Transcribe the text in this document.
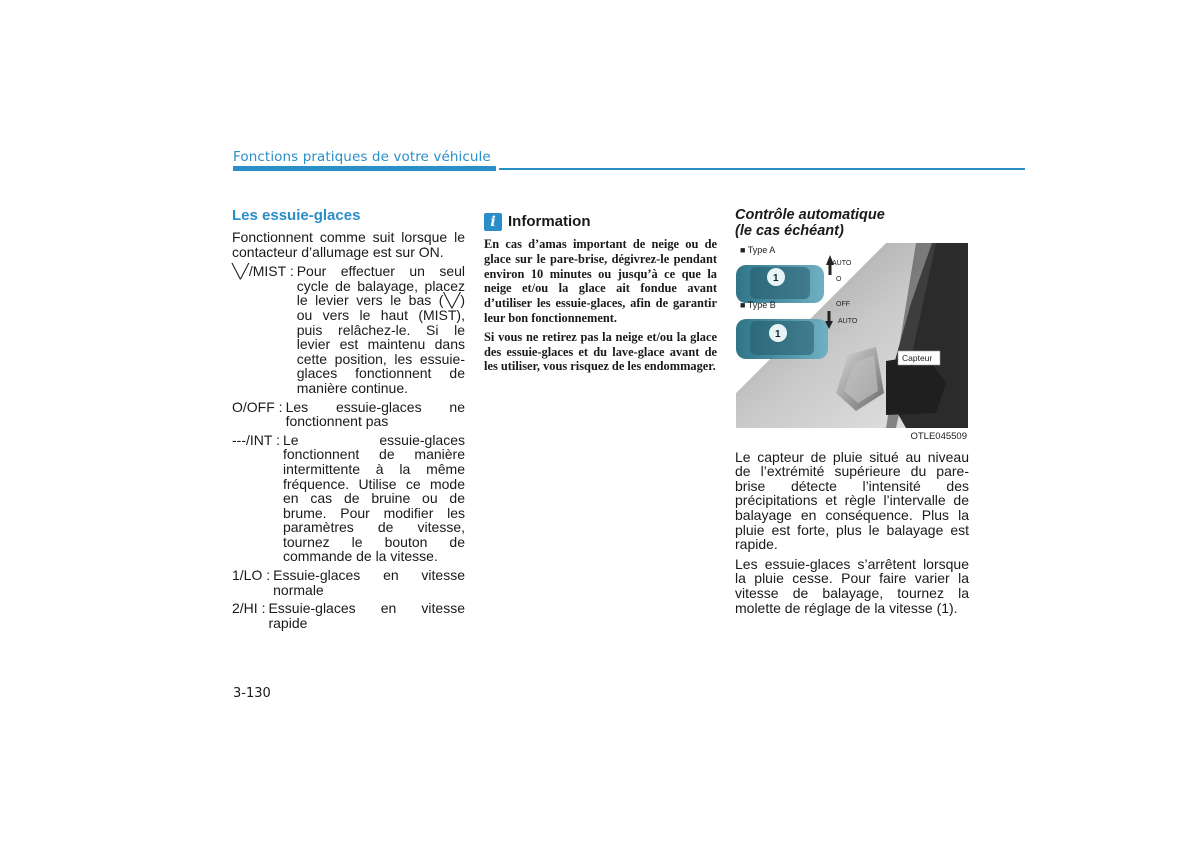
Fonctions pratiques de votre véhicule
Les essuie-glaces

Fonctionnent comme suit lorsque le contacteur d’allumage est sur ON.

╲╱/MIST : Pour effectuer un seul cycle de balayage, placez le levier vers le bas (╲╱) ou vers le haut (MIST), puis relâchez-le. Si le levier est maintenu dans cette position, les essuie-glaces fonctionnent de manière continue.
O/OFF : Les essuie-glaces ne fonctionnent pas
---/INT : Le essuie-glaces fonctionnent de manière intermittente à la même fréquence. Utilise ce mode en cas de bruine ou de brume. Pour modifier les paramètres de vitesse, tournez le bouton de commande de la vitesse.
1/LO : Essuie-glaces en vitesse normale
2/HI : Essuie-glaces en vitesse rapide
i Information

En cas d’amas important de neige ou de glace sur le pare-brise, dégivrez-le pendant environ 10 minutes ou jusqu’à ce que la neige et/ou la glace ait fondue avant d’utiliser les essuie-glaces, afin de garantir leur bon fonctionnement.

Si vous ne retirez pas la neige et/ou la glace des essuie-glaces et du lave-glace avant de les utiliser, vous risquez de les endommager.

Contrôle automatique
(le cas échéant)
■ Type A
1
AUTO
O
■ Type B
1
OFF
AUTO
Capteur
OTLE045509

Le capteur de pluie situé au niveau de l’extrémité supérieure du pare-brise détecte l’intensité des précipitations et règle l’intervalle de balayage en conséquence. Plus la pluie est forte, plus le balayage est rapide.

Les essuie-glaces s’arrêtent lorsque la pluie cesse. Pour faire varier la vitesse de balayage, tournez la molette de réglage de la vitesse (1).

3-130
